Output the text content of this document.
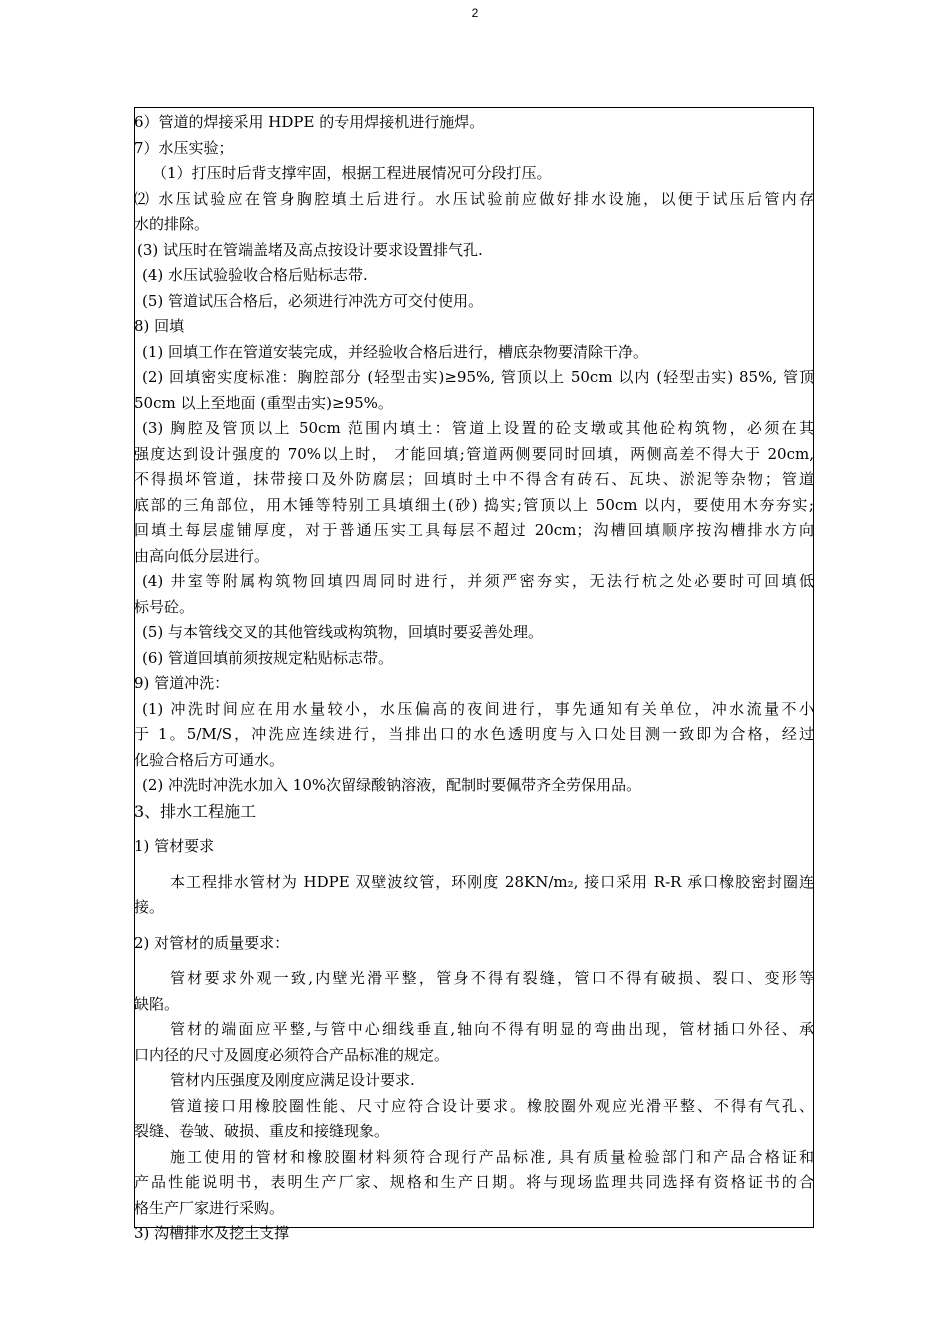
2
6）管道的焊接采用 HDPE 的专用焊接机进行施焊。
7）水压实验；
（1）打压时后背支撑牢固，根据工程进展情况可分段打压。
⑵ 水压试验应在管身胸腔填土后进行。水压试验前应做好排水设施，以便于试压后管内存
水的排除。
(3) 试压时在管端盖堵及高点按设计要求设置排气孔.
(4) 水压试验验收合格后贴标志带.
(5) 管道试压合格后，必须进行冲洗方可交付使用。
8) 回填
(1) 回填工作在管道安装完成，并经验收合格后进行，槽底杂物要清除干净。
(2) 回填密实度标准：胸腔部分 (轻型击实)≥95%, 管顶以上 50cm 以内 (轻型击实) 85%, 管顶
50cm 以上至地面 (重型击实)≥95%。
(3) 胸腔及管顶以上 50cm 范围内填土：管道上设置的砼支墩或其他砼构筑物，必须在其
强度达到设计强度的 70%以上时， 才能回填;管道两侧要同时回填，两侧高差不得大于 20cm,
不得损坏管道，抹带接口及外防腐层；回填时土中不得含有砖石、瓦块、淤泥等杂物；管道
底部的三角部位，用木锤等特别工具填细土(砂) 捣实;管顶以上 50cm 以内，要使用木夯夯实;
回填土每层虚铺厚度，对于普通压实工具每层不超过 20cm；沟槽回填顺序按沟槽排水方向
由高向低分层进行。
(4) 井室等附属构筑物回填四周同时进行，并须严密夯实，无法行杭之处必要时可回填低
标号砼。
(5) 与本管线交叉的其他管线或构筑物，回填时要妥善处理。
(6) 管道回填前须按规定粘贴标志带。
9) 管道冲洗：
(1) 冲洗时间应在用水量较小，水压偏高的夜间进行，事先通知有关单位，冲水流量不小
于 1。5/M/S，冲洗应连续进行，当排出口的水色透明度与入口处目测一致即为合格，经过
化验合格后方可通水。
(2) 冲洗时冲洗水加入 10%次留绿酸钠溶液，配制时要佩带齐全劳保用品。
3、排水工程施工
1) 管材要求
本工程排水管材为 HDPE 双壁波纹管，环刚度 28KN/m₂, 接口采用 R-R 承口橡胶密封圈连
接。
2) 对管材的质量要求：
管材要求外观一致,内壁光滑平整，管身不得有裂缝，管口不得有破损、裂口、变形等
缺陷。
管材的端面应平整,与管中心细线垂直,轴向不得有明显的弯曲出现，管材插口外径、承
口内径的尺寸及圆度必须符合产品标准的规定。
管材内压强度及刚度应满足设计要求.
管道接口用橡胶圈性能、尺寸应符合设计要求。橡胶圈外观应光滑平整、不得有气孔、
裂缝、卷皱、破损、重皮和接缝现象。
施工使用的管材和橡胶圈材料须符合现行产品标准, 具有质量检验部门和产品合格证和
产品性能说明书，表明生产厂家、规格和生产日期。将与现场监理共同选择有资格证书的合
格生产厂家进行采购。
3) 沟槽排水及挖土支撑
